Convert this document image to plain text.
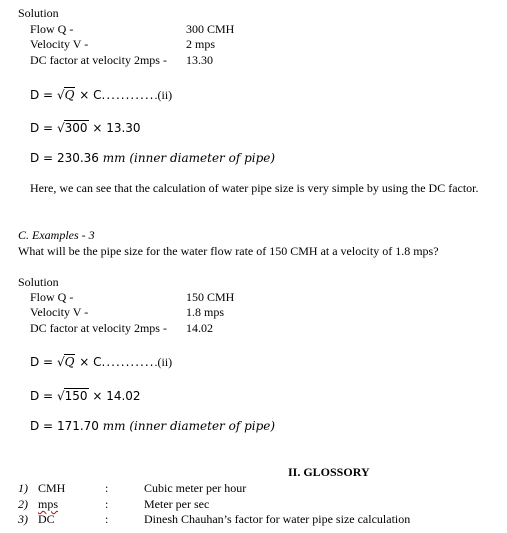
Solution
Flow Q -	300 CMH
Velocity V -	2 mps
DC factor at velocity 2mps - 13.30
D = √Q × C............(ii)
D = √300 × 13.30
D = 230.36 mm (inner diameter of pipe)
Here, we can see that the calculation of water pipe size is very simple by using the DC factor.
C. Examples - 3
What will be the pipe size for the water flow rate of 150 CMH at a velocity of 1.8 mps?
Solution
Flow Q -	150 CMH
Velocity V -	1.8 mps
DC factor at velocity 2mps - 14.02
D = √Q × C............(ii)
D = √150 × 14.02
D = 171.70 mm (inner diameter of pipe)
II. GLOSSORY
1) CMH	:	Cubic meter per hour
2) mps	:	Meter per sec
3) DC	:	Dinesh Chauhan’s factor for water pipe size calculation
